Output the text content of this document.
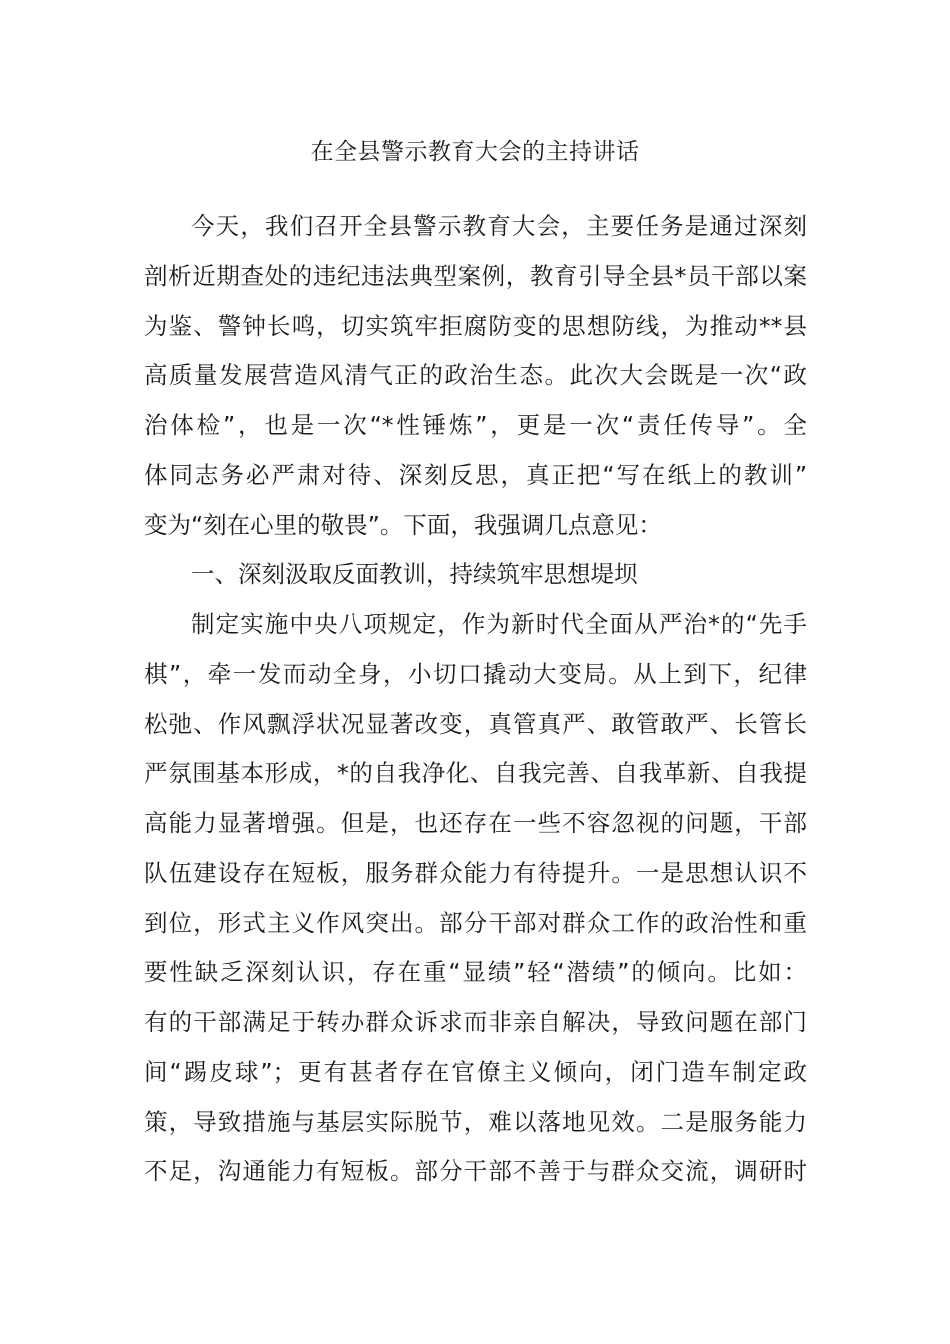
在全县警示教育大会的主持讲话
今天，我们召开全县警示教育大会，主要任务是通过深刻
剖析近期查处的违纪违法典型案例，教育引导全县*员干部以案
为鉴、警钟长鸣，切实筑牢拒腐防变的思想防线，为推动**县
高质量发展营造风清气正的政治生态。此次大会既是一次“政
治体检”，也是一次“*性锤炼”，更是一次“责任传导”。全
体同志务必严肃对待、深刻反思，真正把“写在纸上的教训”
变为“刻在心里的敬畏”。下面，我强调几点意见：
一、深刻汲取反面教训，持续筑牢思想堤坝
制定实施中央八项规定，作为新时代全面从严治*的“先手
棋”，牵一发而动全身，小切口撬动大变局。从上到下，纪律
松弛、作风飘浮状况显著改变，真管真严、敢管敢严、长管长
严氛围基本形成，*的自我净化、自我完善、自我革新、自我提
高能力显著增强。但是，也还存在一些不容忽视的问题，干部
队伍建设存在短板，服务群众能力有待提升。一是思想认识不
到位，形式主义作风突出。部分干部对群众工作的政治性和重
要性缺乏深刻认识，存在重“显绩”轻“潜绩”的倾向。比如：
有的干部满足于转办群众诉求而非亲自解决，导致问题在部门
间“踢皮球”；更有甚者存在官僚主义倾向，闭门造车制定政
策，导致措施与基层实际脱节，难以落地见效。二是服务能力
不足，沟通能力有短板。部分干部不善于与群众交流，调研时
